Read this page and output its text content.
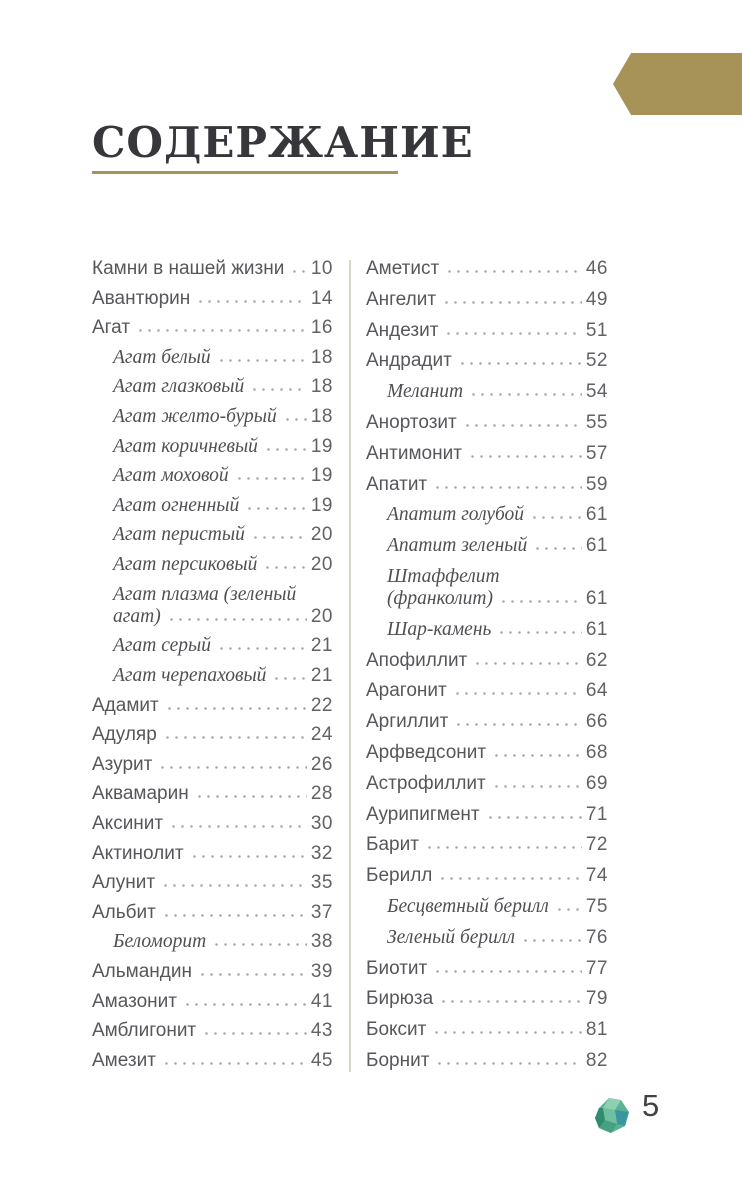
СОДЕРЖАНИЕ
Камни в нашей жизни 10
Авантюрин	14
Агат	16
Агат белый	18
Агат глазковый	18
Агат желто-бурый 18
Агат коричневый	19
Агат моховой	19
Агат огненный	19
Агат перистый	20
Агат персиковый	20
Агат плазма (зеленый
агат)	20
Агат серый	21
Агат черепаховый 21
Адамит	22
Адуляр	24
Азурит	26
Аквамарин	28
Аксинит	30
Актинолит	32
Алунит	35
Альбит	37
Беломорит	38
Альмандин	39
Амазонит	41
Амблигонит	43
Амезит	45
Аметист	46
Ангелит	49
Андезит	51
Андрадит	52
Меланит	54
Анортозит	55
Антимонит	57
Апатит	59
Апатит голубой	61
Апатит зеленый	61
Штаффелит
(франколит)	61
Шар-камень	61
Апофиллит	62
Арагонит	64
Аргиллит	66
Арфведсонит	68
Астрофиллит	69
Аурипигмент	71
Барит	72
Берилл	74
Бесцветный берилл 75
Зеленый берилл	76
Биотит	77
Бирюза	79
Боксит	81
Борнит	82
5
